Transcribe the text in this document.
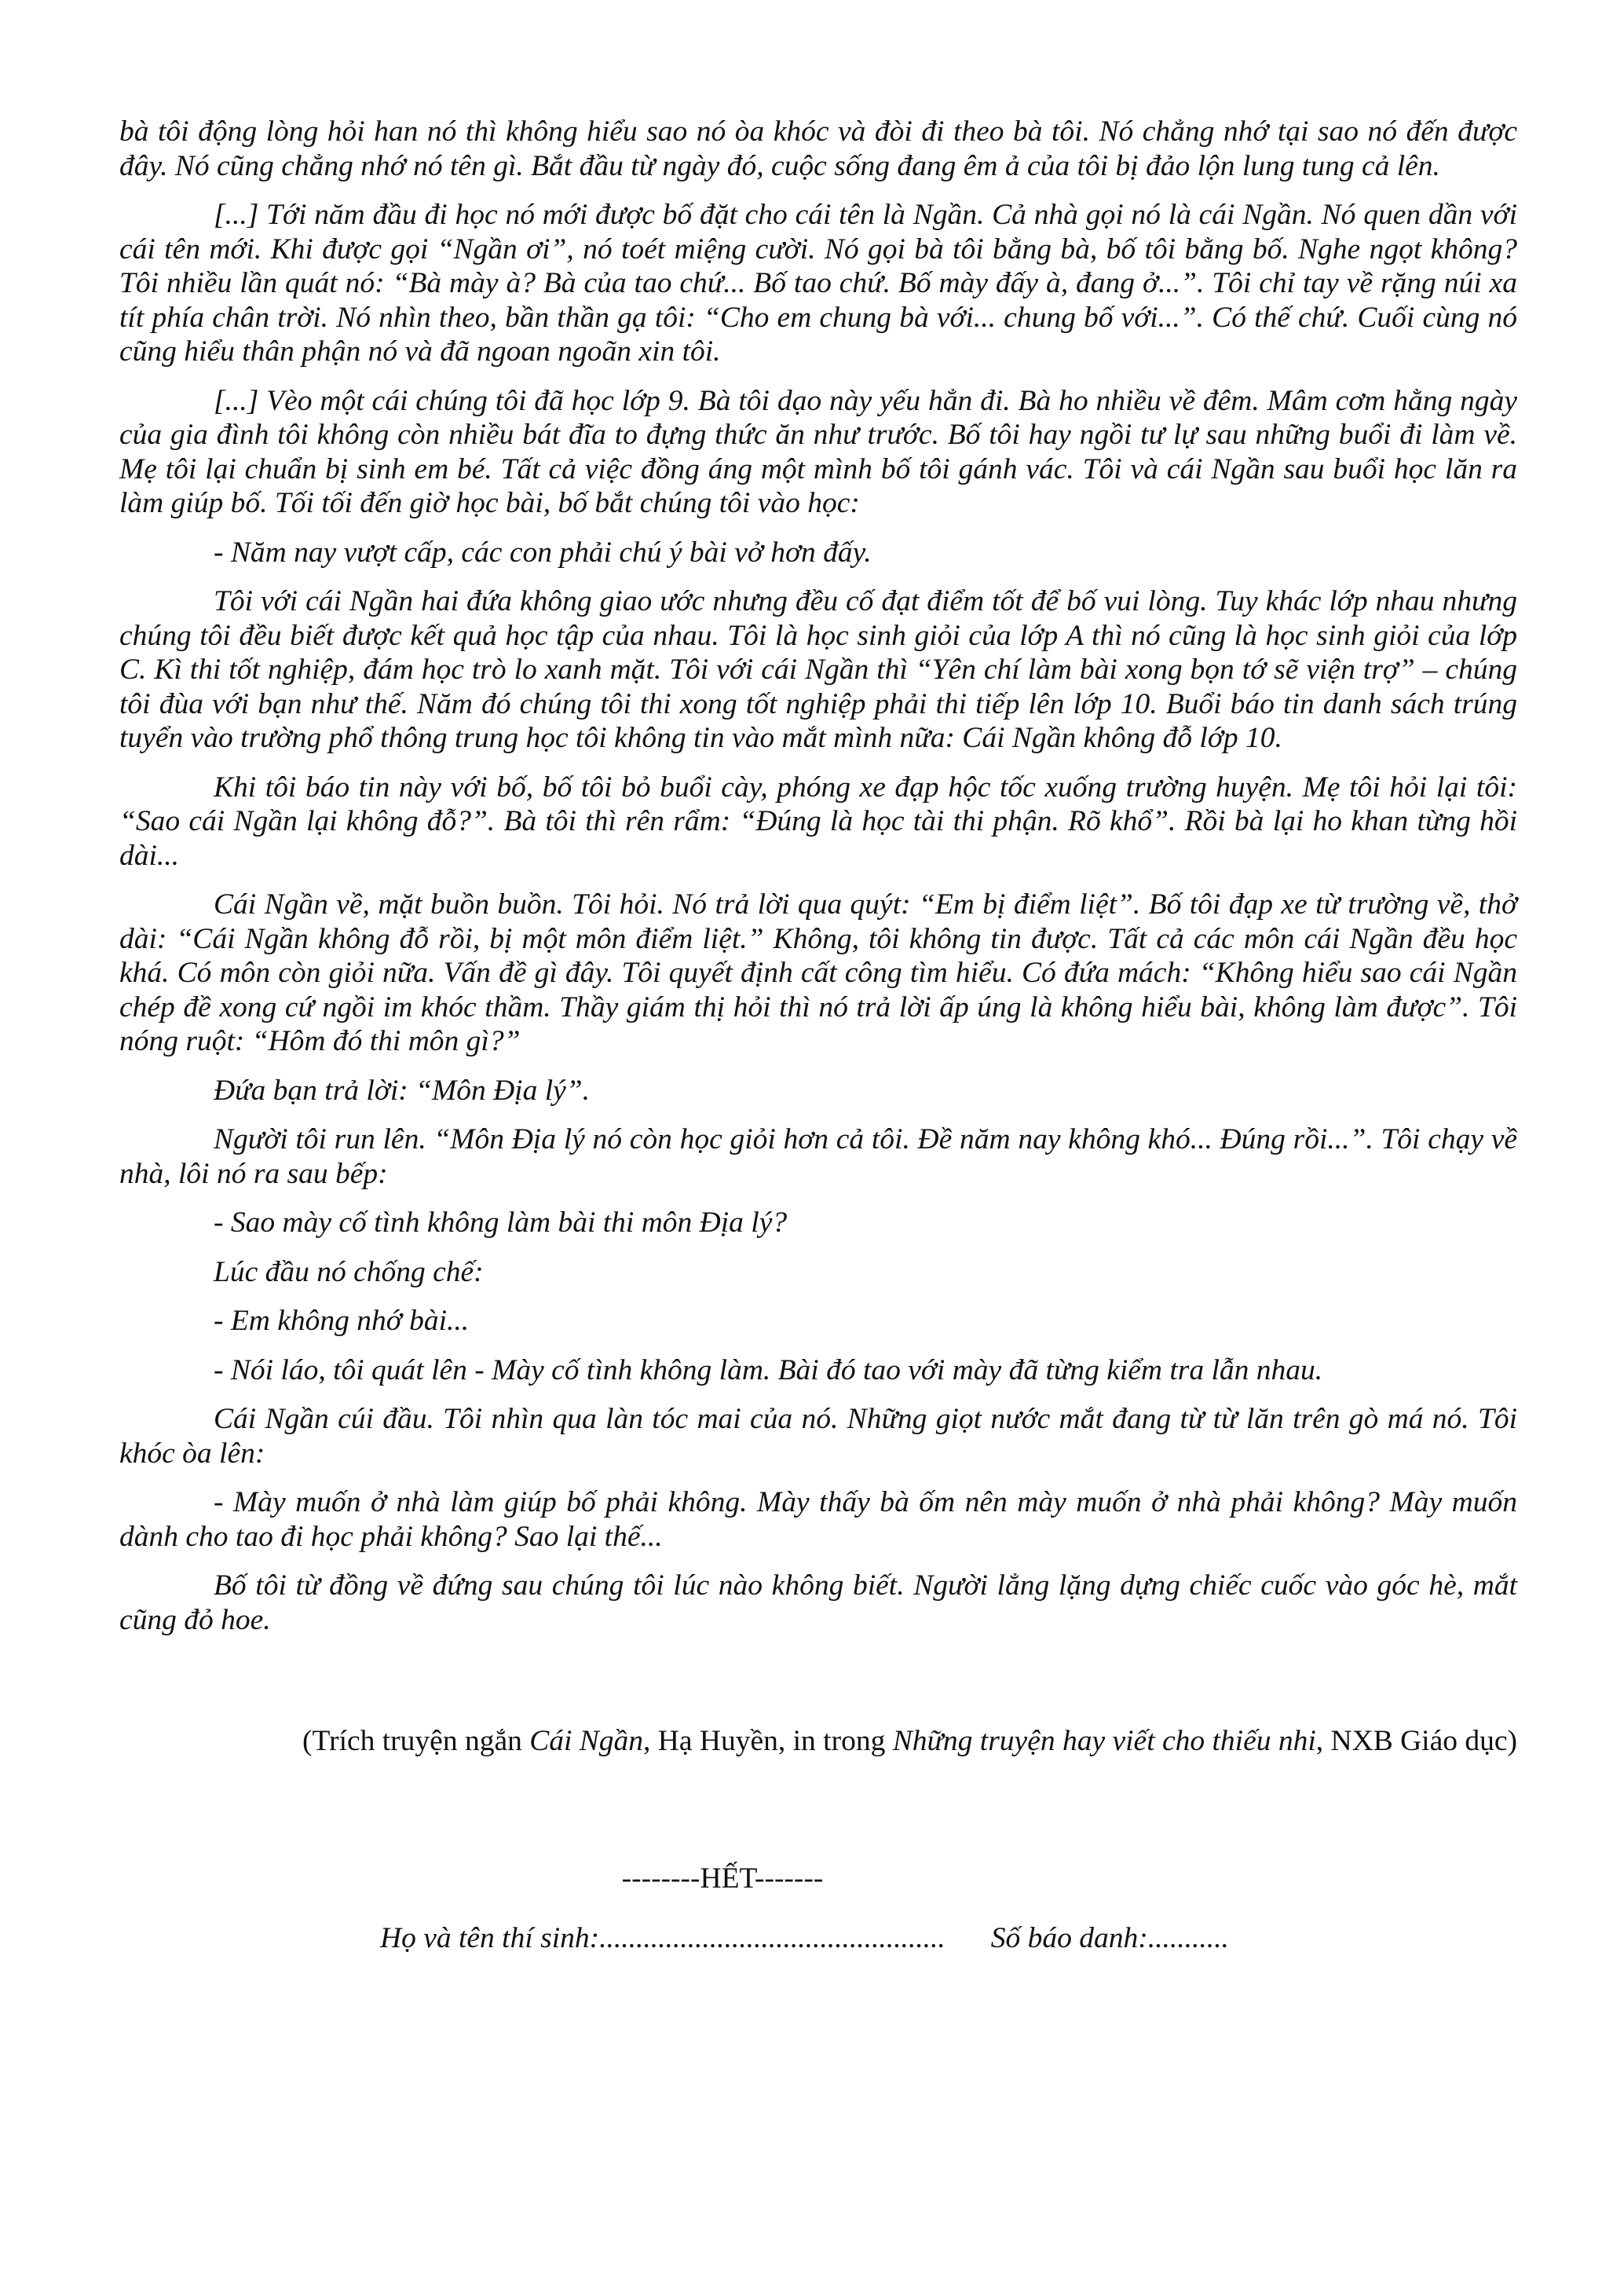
bà tôi động lòng hỏi han nó thì không hiểu sao nó òa khóc và đòi đi theo bà tôi. Nó chẳng nhớ tại sao nó đến được đây. Nó cũng chẳng nhớ nó tên gì. Bắt đầu từ ngày đó, cuộc sống đang êm ả của tôi bị đảo lộn lung tung cả lên.

[...] Tới năm đầu đi học nó mới được bố đặt cho cái tên là Ngần. Cả nhà gọi nó là cái Ngần. Nó quen dần với cái tên mới. Khi được gọi “Ngần ơi”, nó toét miệng cười. Nó gọi bà tôi bằng bà, bố tôi bằng bố. Nghe ngọt không? Tôi nhiều lần quát nó: “Bà mày à? Bà của tao chứ... Bố tao chứ. Bố mày đấy à, đang ở...”. Tôi chỉ tay về rặng núi xa tít phía chân trời. Nó nhìn theo, bần thần gạ tôi: “Cho em chung bà với... chung bố với...”. Có thế chứ. Cuối cùng nó cũng hiểu thân phận nó và đã ngoan ngoãn xin tôi.

[...] Vèo một cái chúng tôi đã học lớp 9. Bà tôi dạo này yếu hẳn đi. Bà ho nhiều về đêm. Mâm cơm hằng ngày của gia đình tôi không còn nhiều bát đĩa to đựng thức ăn như trước. Bố tôi hay ngồi tư lự sau những buổi đi làm về. Mẹ tôi lại chuẩn bị sinh em bé. Tất cả việc đồng áng một mình bố tôi gánh vác. Tôi và cái Ngần sau buổi học lăn ra làm giúp bố. Tối tối đến giờ học bài, bố bắt chúng tôi vào học:

- Năm nay vượt cấp, các con phải chú ý bài vở hơn đấy.

Tôi với cái Ngần hai đứa không giao ước nhưng đều cố đạt điểm tốt để bố vui lòng. Tuy khác lớp nhau nhưng chúng tôi đều biết được kết quả học tập của nhau. Tôi là học sinh giỏi của lớp A thì nó cũng là học sinh giỏi của lớp C. Kì thi tốt nghiệp, đám học trò lo xanh mặt. Tôi với cái Ngần thì “Yên chí làm bài xong bọn tớ sẽ viện trợ” – chúng tôi đùa với bạn như thế. Năm đó chúng tôi thi xong tốt nghiệp phải thi tiếp lên lớp 10. Buổi báo tin danh sách trúng tuyển vào trường phổ thông trung học tôi không tin vào mắt mình nữa: Cái Ngần không đỗ lớp 10.

Khi tôi báo tin này với bố, bố tôi bỏ buổi cày, phóng xe đạp hộc tốc xuống trường huyện. Mẹ tôi hỏi lại tôi: “Sao cái Ngần lại không đỗ?”. Bà tôi thì rên rẩm: “Đúng là học tài thi phận. Rõ khổ”. Rồi bà lại ho khan từng hồi dài...

Cái Ngần về, mặt buồn buồn. Tôi hỏi. Nó trả lời qua quýt: “Em bị điểm liệt”. Bố tôi đạp xe từ trường về, thở dài: “Cái Ngần không đỗ rồi, bị một môn điểm liệt.” Không, tôi không tin được. Tất cả các môn cái Ngần đều học khá. Có môn còn giỏi nữa. Vấn đề gì đây. Tôi quyết định cất công tìm hiểu. Có đứa mách: “Không hiểu sao cái Ngần chép đề xong cứ ngồi im khóc thầm. Thầy giám thị hỏi thì nó trả lời ấp úng là không hiểu bài, không làm được”. Tôi nóng ruột: “Hôm đó thi môn gì?”

Đứa bạn trả lời: “Môn Địa lý”.

Người tôi run lên. “Môn Địa lý nó còn học giỏi hơn cả tôi. Đề năm nay không khó... Đúng rồi...”. Tôi chạy về nhà, lôi nó ra sau bếp:

- Sao mày cố tình không làm bài thi môn Địa lý?

Lúc đầu nó chống chế:

- Em không nhớ bài...

- Nói láo, tôi quát lên - Mày cố tình không làm. Bài đó tao với mày đã từng kiểm tra lẫn nhau.

Cái Ngần cúi đầu. Tôi nhìn qua làn tóc mai của nó. Những giọt nước mắt đang từ từ lăn trên gò má nó. Tôi khóc òa lên:

- Mày muốn ở nhà làm giúp bố phải không. Mày thấy bà ốm nên mày muốn ở nhà phải không? Mày muốn dành cho tao đi học phải không? Sao lại thế...

Bố tôi từ đồng về đứng sau chúng tôi lúc nào không biết. Người lẳng lặng dựng chiếc cuốc vào góc hè, mắt cũng đỏ hoe.

(Trích truyện ngắn Cái Ngần, Hạ Huyền, in trong Những truyện hay viết cho thiếu nhi, NXB Giáo dục)
--------HẾT-------
Họ và tên thí sinh:............................................... Số báo danh:...........
